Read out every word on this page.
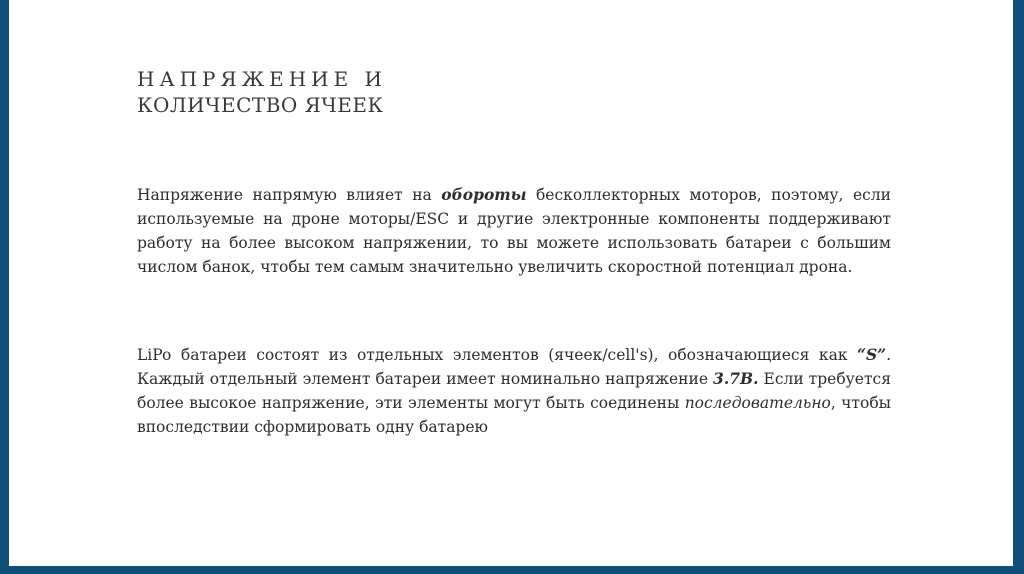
НАПРЯЖЕНИЕ И
КОЛИЧЕСТВО ЯЧЕЕК

Напряжение напрямую влияет на обороты бесколлекторных моторов, поэтому, если используемые на дроне моторы/ESC и другие электронные компоненты поддерживают работу на более высоком напряжении, то вы можете использовать батареи с большим числом банок, чтобы тем самым значительно увеличить скоростной потенциал дрона.

LiPo батареи состоят из отдельных элементов (ячеек/cell's), обозначающиеся как “S”. Каждый отдельный элемент батареи имеет номинально напряжение 3.7В. Если требуется более высокое напряжение, эти элементы могут быть соединены последовательно, чтобы впоследствии сформировать одну батарею
